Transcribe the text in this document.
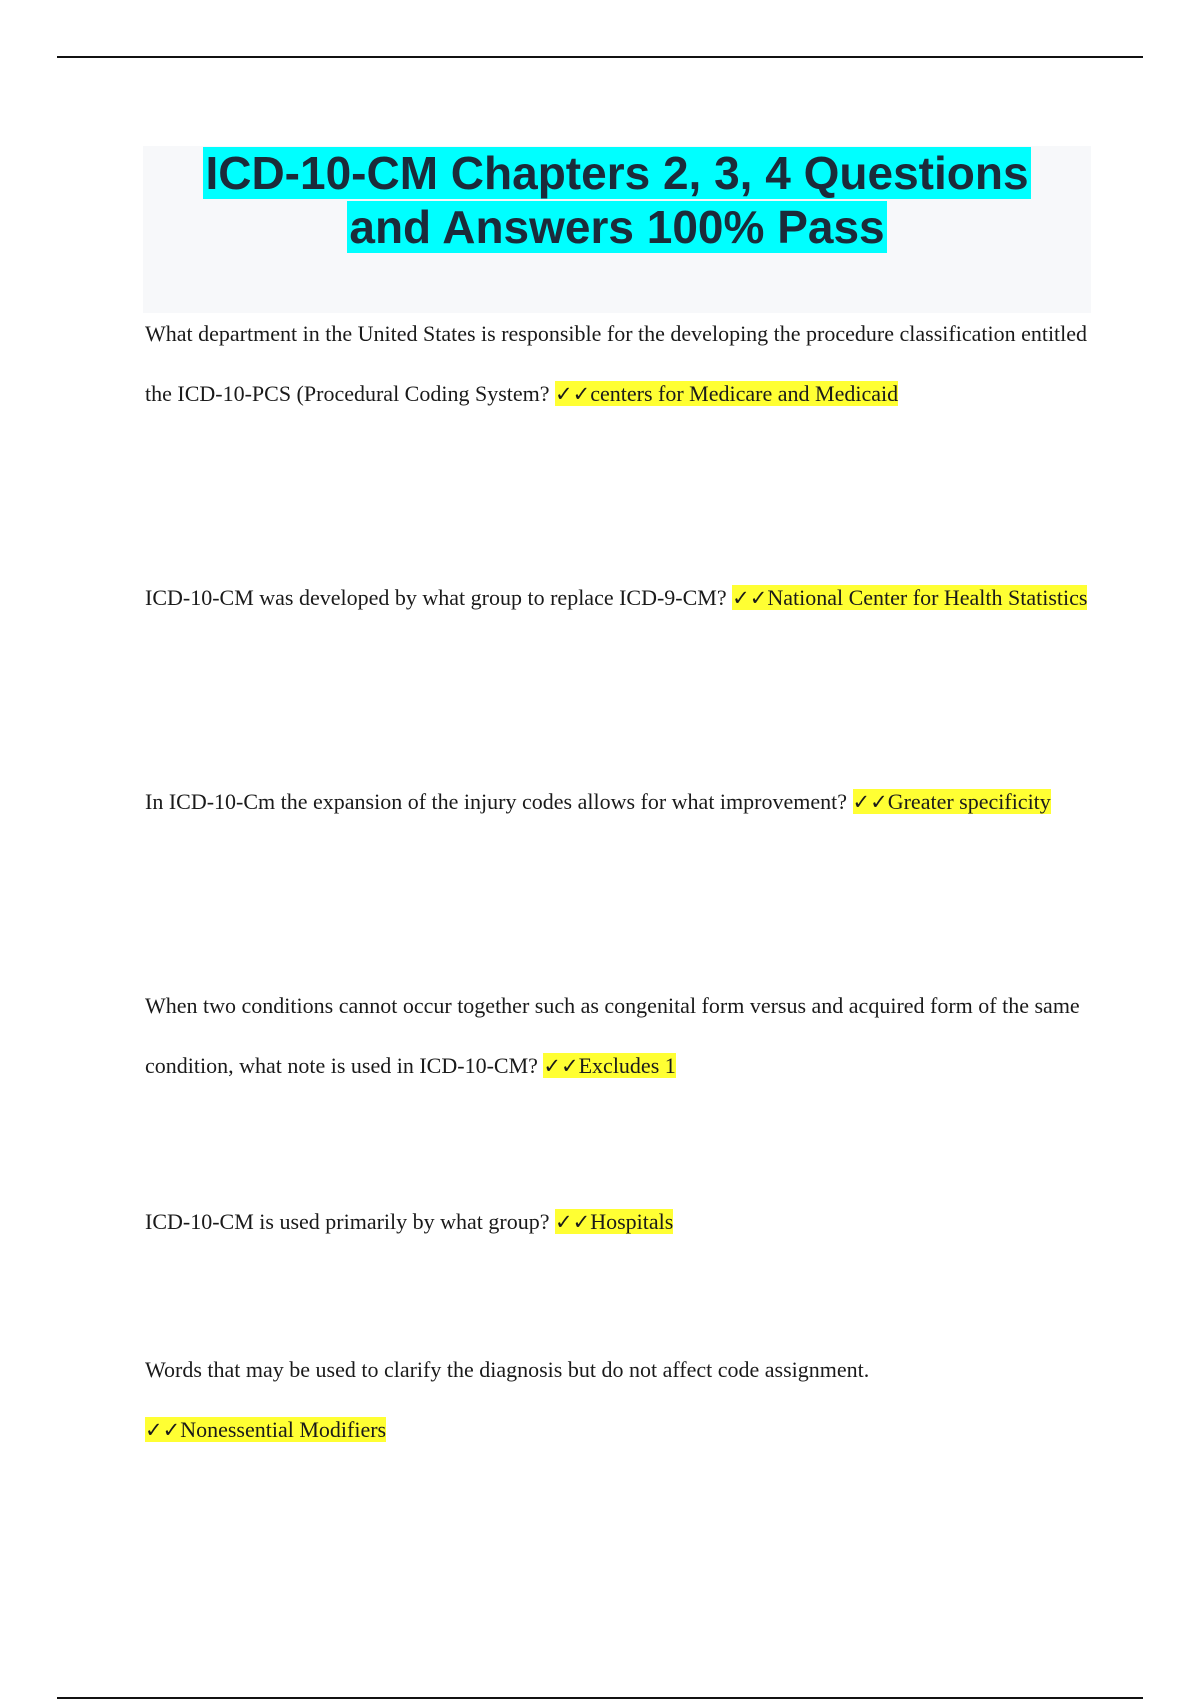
ICD-10-CM Chapters 2, 3, 4 Questions and Answers 100% Pass

What department in the United States is responsible for the developing the procedure classification entitled the ICD-10-PCS (Procedural Coding System? ✓✓centers for Medicare and Medicaid

ICD-10-CM was developed by what group to replace ICD-9-CM? ✓✓National Center for Health Statistics

In ICD-10-Cm the expansion of the injury codes allows for what improvement? ✓✓Greater specificity

When two conditions cannot occur together such as congenital form versus and acquired form of the same condition, what note is used in ICD-10-CM? ✓✓Excludes 1

ICD-10-CM is used primarily by what group? ✓✓Hospitals

Words that may be used to clarify the diagnosis but do not affect code assignment.
✓✓Nonessential Modifiers
